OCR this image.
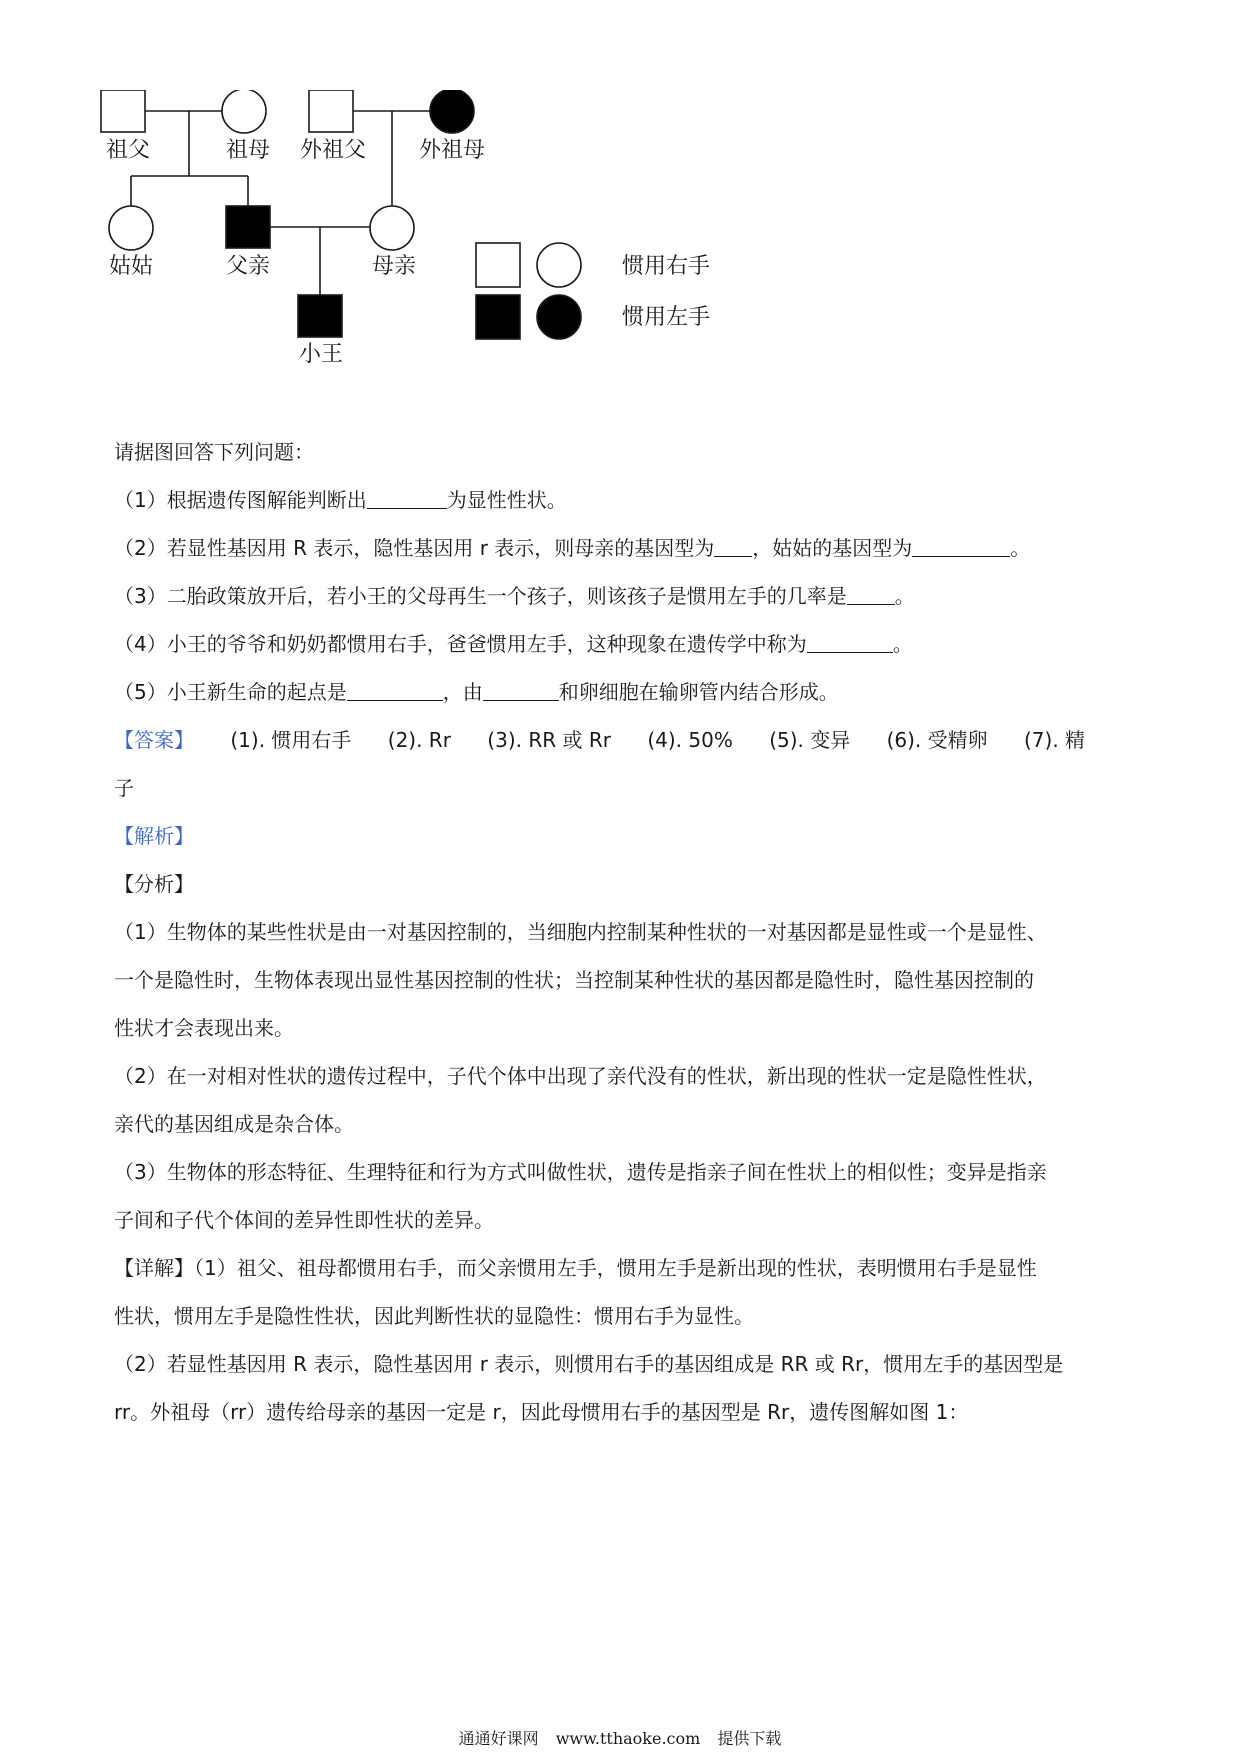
祖父	祖母 外祖父 外祖母
姑姑	父亲	母亲
小王
惯用右手
惯用左手
请据图回答下列问题：
（1）根据遗传图解能判断出	为显性性状。
（2）若显性基因用 R 表示，隐性基因用 r 表示，则母亲的基因型为 ，姑姑的基因型为	。
（3）二胎政策放开后，若小王的父母再生一个孩子，则该孩子是惯用左手的几率是 。
（4）小王的爷爷和奶奶都惯用右手，爸爸惯用左手，这种现象在遗传学中称为	。
（5）小王新生命的起点是	，由	和卵细胞在输卵管内结合形成。
【答案】 (1). 惯用右手 (2). Rr (3). RR 或 Rr (4). 50% (5). 变异 (6). 受精卵 (7). 精
子
【解析】
【分析】
（1）生物体的某些性状是由一对基因控制的，当细胞内控制某种性状的一对基因都是显性或一个是显性、
一个是隐性时，生物体表现出显性基因控制的性状；当控制某种性状的基因都是隐性时，隐性基因控制的
性状才会表现出来。
（2）在一对相对性状的遗传过程中，子代个体中出现了亲代没有的性状，新出现的性状一定是隐性性状，
亲代的基因组成是杂合体。
（3）生物体的形态特征、生理特征和行为方式叫做性状，遗传是指亲子间在性状上的相似性；变异是指亲
子间和子代个体间的差异性即性状的差异。
【详解】（1）祖父、祖母都惯用右手，而父亲惯用左手，惯用左手是新出现的性状，表明惯用右手是显性
性状，惯用左手是隐性性状，因此判断性状的显隐性：惯用右手为显性。
（2）若显性基因用 R 表示，隐性基因用 r 表示，则惯用右手的基因组成是 RR 或 Rr，惯用左手的基因型是
rr。外祖母（rr）遗传给母亲的基因一定是 r，因此母惯用右手的基因型是 Rr，遗传图解如图 1：
通通好课网 www.tthaoke.com 提供下载
